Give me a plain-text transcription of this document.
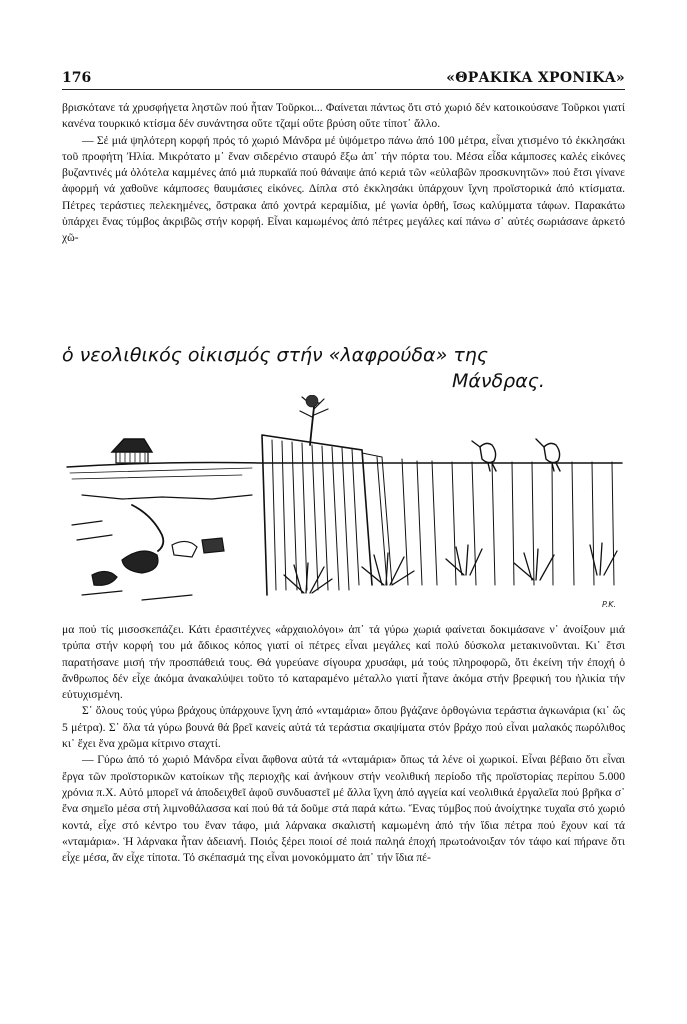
176	«ΘΡΑΚΙΚΑ ΧΡΟΝΙΚΑ»

βρισκότανε τά χρυσφήγετα ληστῶν πού ἦταν Τοῦρκοι... Φαίνεται πάντως ὅτι στό χωριό δέν κατοικούσανε Τοῦρκοι γιατί κανένα τουρκικό κτίσμα δέν συνάντησα οὔτε τζαμί οὔτε βρύση οὔτε τίποτ᾿ ἄλλο.

— Σέ μιά ψηλότερη κορφή πρός τό χωριό Μάνδρα μέ ὑψόμετρο πάνω ἀπό 100 μέτρα, εἶναι χτισμένο τό ἐκκλησάκι τοῦ προφήτη Ἠλία. Μικρότατο μ᾿ ἕναν σιδερένιο σταυρό ἔξω ἀπ᾿ τήν πόρτα του. Μέσα εἶδα κάμποσες καλές εἰκόνες βυζαντινές μά ὁλότελα καμμένες ἀπό μιά πυρκαϊά πού θάναψε ἀπό κεριά τῶν «εὐλαβῶν προσκυνητῶν» πού ἔτσι γίνανε ἀφορμή νά χαθοῦνε κάμποσες θαυμάσιες εἰκόνες. Δίπλα στό ἐκκλησάκι ὑπάρχουν ἴχνη προϊστορικά ἀπό κτίσματα. Πέτρες τεράστιες πελεκημένες, ὄστρακα ἀπό χοντρά κεραμίδια, μέ γωνία ὀρθή, ἴσως καλύμματα τάφων. Παρακάτω ὑπάρχει ἕνας τύμβος ἀκριβῶς στήν κορφή. Εἶναι καμωμένος ἀπό πέτρες μεγάλες καί πάνω σ᾿ αὐτές σωριάσανε ἀρκετό χῶ-

ὁ νεολιθικός οἰκισμός στήν «λαφρούδα» της
Μάνδρας.
P.K.

μα πού τίς μισοσκεπάζει. Κάτι ἐρασιτέχνες «ἀρχαιολόγοι» ἀπ᾿ τά γύρω χωριά φαίνεται δοκιμάσανε ν᾿ ἀνοίξουν μιά τρύπα στήν κορφή του μά ἄδικος κόπος γιατί οἱ πέτρες εἶναι μεγάλες καί πολύ δύσκολα μετακινοῦνται. Κι᾿ ἔτσι παρατήσανε μισή τήν προσπάθειά τους. Θά γυρεύανε σίγουρα χρυσάφι, μά τούς πληροφορῶ, ὅτι ἐκείνη τήν ἐποχή ὁ ἄνθρωπος δέν εἶχε ἀκόμα ἀνακαλύψει τοῦτο τό καταραμένο μέταλλο γιατί ἦτανε ἀκόμα στήν βρεφική του ἡλικία τήν εὐτυχισμένη.

Σ᾿ ὅλους τούς γύρω βράχους ὑπάρχουνε ἴχνη ἀπό «νταμάρια» ὅπου βγάζανε ὀρθογώνια τεράστια ἀγκωνάρια (κι᾿ ὥς 5 μέτρα). Σ᾿ ὅλα τά γύρω βουνά θά βρεῖ κανείς αὐτά τά τεράστια σκαψίματα στόν βράχο πού εἶναι μαλακός πωρόλιθος κι᾿ ἔχει ἕνα χρῶμα κίτρινο σταχτί.

— Γύρω ἀπό τό χωριό Μάνδρα εἶναι ἄφθονα αὐτά τά «νταμάρια» ὅπως τά λένε οἱ χωρικοί. Εἶναι βέβαιο ὅτι εἶναι ἔργα τῶν προϊστορικῶν κατοίκων τῆς περιοχῆς καί ἀνήκουν στήν νεολιθική περίοδο τῆς προϊστορίας περίπου 5.000 χρόνια π.Χ. Αὐτό μπορεῖ νά ἀποδειχθεῖ ἀφοῦ συνδυαστεῖ μέ ἄλλα ἴχνη ἀπό αγγεία καί νεολιθικά ἐργαλεῖα πού βρῆκα σ᾿ ἕνα σημεῖο μέσα στή λιμνοθάλασσα καί πού θά τά δοῦμε στά παρά κάτω. Ἕνας τύμβος πού ἀνοίχτηκε τυχαῖα στό χωριό κοντά, εἶχε στό κέντρο του ἕναν τάφο, μιά λάρνακα σκαλιστή καμωμένη ἀπό τήν ἴδια πέτρα πού ἔχουν καί τά «νταμάρια». Ἡ λάρνακα ἦταν ἀδειανή. Ποιός ξέρει ποιοί σέ ποιά παληά ἐποχή πρωτοάνοιξαν τόν τάφο καί πήρανε ὅτι εἶχε μέσα, ἄν εἶχε τίποτα. Τό σκέπασμά της εἶναι μονοκόμματο ἀπ᾿ τήν ἴδια πέ-
